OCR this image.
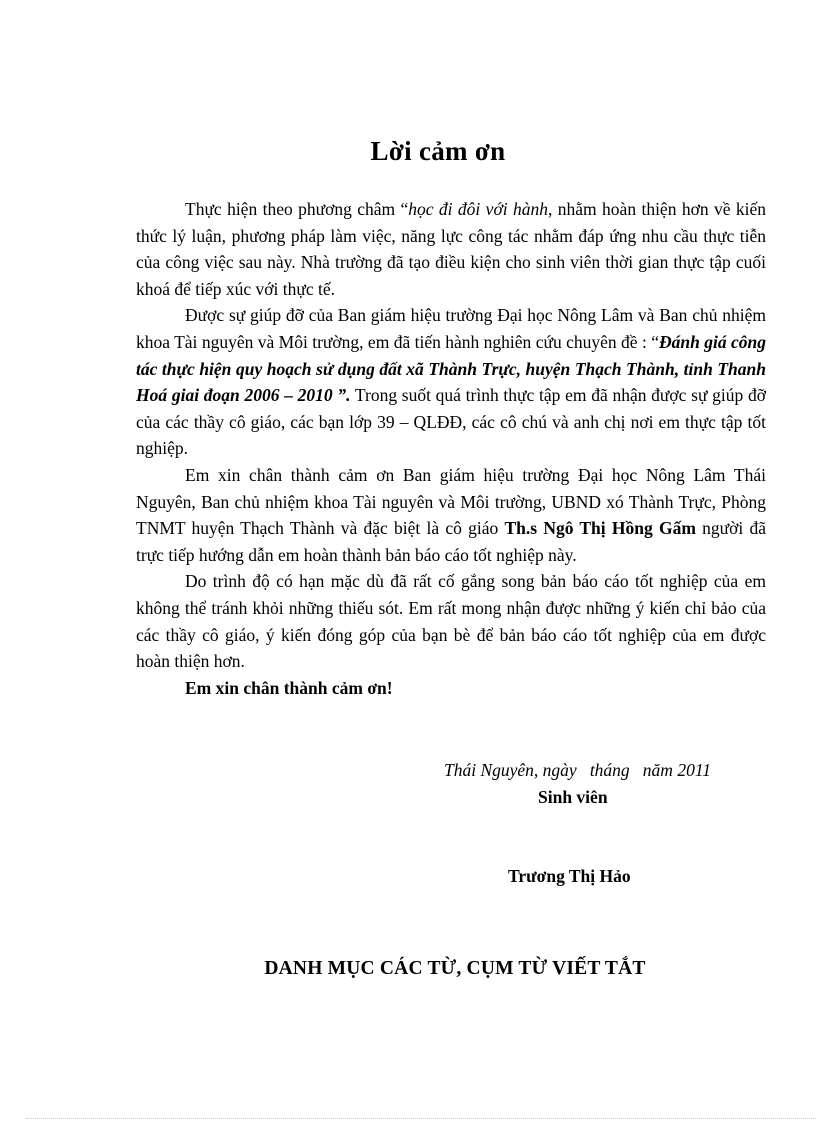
Lời cảm ơn

Thực hiện theo phương châm “học đi đôi với hành, nhằm hoàn thiện hơn về kiến thức lý luận, phương pháp làm việc, năng lực công tác nhằm đáp ứng nhu cầu thực tiễn của công việc sau này. Nhà trường đã tạo điều kiện cho sinh viên thời gian thực tập cuối khoá để tiếp xúc với thực tế.

Được sự giúp đỡ của Ban giám hiệu trường Đại học Nông Lâm và Ban chủ nhiệm khoa Tài nguyên và Môi trường, em đã tiến hành nghiên cứu chuyên đề : “Đánh giá công tác thực hiện quy hoạch sử dụng đất xã Thành Trực, huyện Thạch Thành, tỉnh Thanh Hoá giai đoạn 2006 – 2010 ”. Trong suốt quá trình thực tập em đã nhận được sự giúp đỡ của các thầy cô giáo, các bạn lớp 39 – QLĐĐ, các cô chú và anh chị nơi em thực tập tốt nghiệp.

Em xin chân thành cảm ơn Ban giám hiệu trường Đại học Nông Lâm Thái Nguyên, Ban chủ nhiệm khoa Tài nguyên và Môi trường, UBND xó Thành Trực, Phòng TNMT huyện Thạch Thành và đặc biệt là cô giáo Th.s Ngô Thị Hồng Gấm người đã trực tiếp hướng dẫn em hoàn thành bản báo cáo tốt nghiệp này.

Do trình độ có hạn mặc dù đã rất cố gắng song bản báo cáo tốt nghiệp của em không thể tránh khỏi những thiếu sót. Em rất mong nhận được những ý kiến chỉ bảo của các thầy cô giáo, ý kiến đóng góp của bạn bè để bản báo cáo tốt nghiệp của em được hoàn thiện hơn.

Em xin chân thành cảm ơn!

Thái Nguyên, ngày   tháng   năm 2011
Sinh viên
Trương Thị Hảo
DANH MỤC CÁC TỪ, CỤM TỪ VIẾT TẮT
